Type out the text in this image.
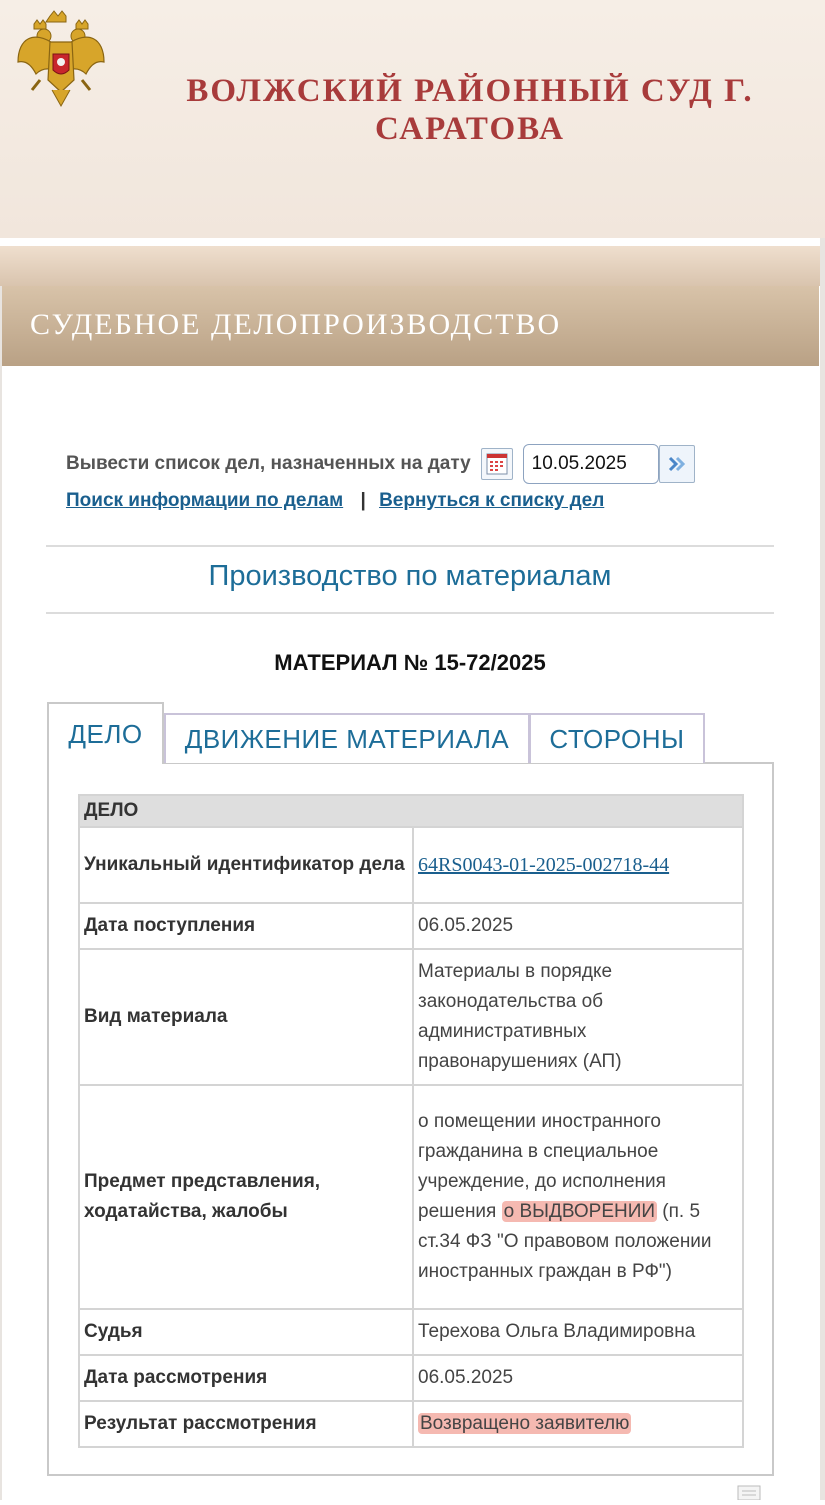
ВОЛЖСКИЙ РАЙОННЫЙ СУД Г.
САРАТОВА
СУДЕБНОЕ ДЕЛОПРОИЗВОДСТВО
Вывести список дел, назначенных на дату
10.05.2025
Поиск информации по делам | Вернуться к списку дел
Производство по материалам
МАТЕРИАЛ № 15-72/2025
ДЕЛО	ДВИЖЕНИЕ МАТЕРИАЛА	СТОРОНЫ
ДЕЛО	
Уникальный идентификатор дела	64RS0043-01-2025-002718-44
Дата поступления	06.05.2025
Вид материала	Материалы в порядке законодательства об административных правонарушениях (АП)
Предмет представления, ходатайства, жалобы	о помещении иностранного гражданина в специальное учреждение, до исполнения решения о ВЫДВОРЕНИИ (п. 5 ст.34 ФЗ "О правовом положении иностранных граждан в РФ")
Судья	Терехова Ольга Владимировна
Дата рассмотрения	06.05.2025
Результат рассмотрения	Возвращено заявителю
